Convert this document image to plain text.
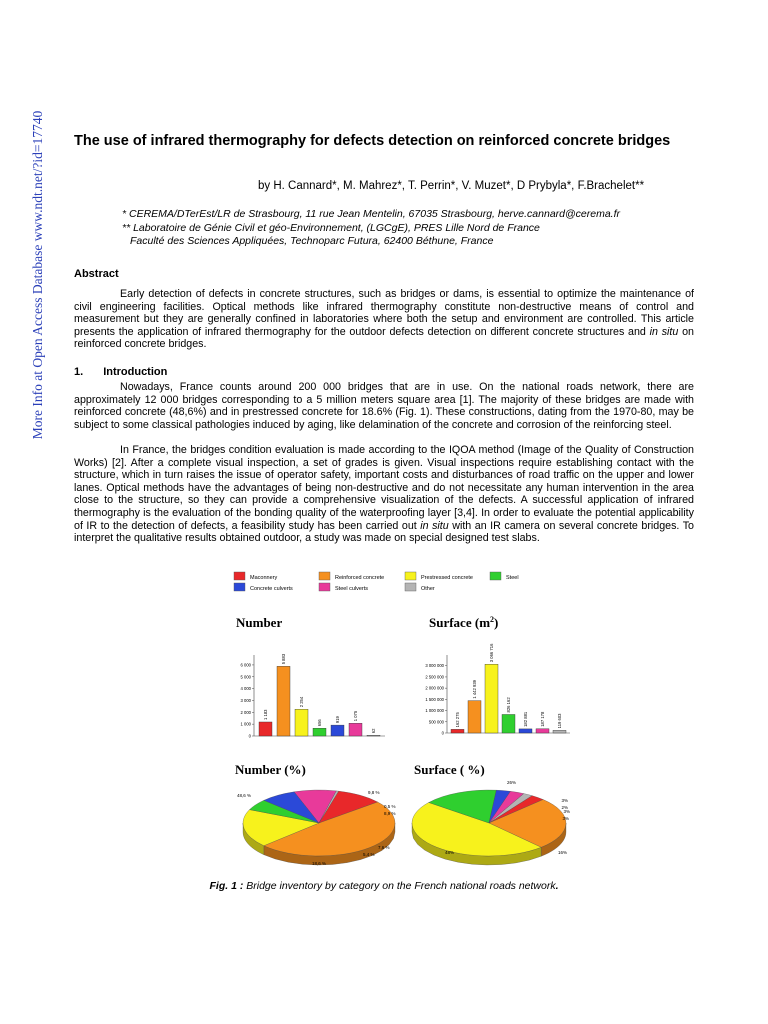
More Info at Open Access Database www.ndt.net/?id=17740 The use of infrared thermography for defects detection on reinforced concrete bridges
by H. Cannard*, M. Mahrez*, T. Perrin*, V. Muzet*, D Prybyla*, F.Brachelet**
* CEREMA/DTerEst/LR de Strasbourg, 11 rue Jean Mentelin, 67035 Strasbourg, herve.cannard@cerema.fr
** Laboratoire de Génie Civil et géo-Environnement, (LGCgE), PRES Lille Nord de France
Faculté des Sciences Appliquées, Technoparc Futura, 62400 Béthune, France
Abstract

Early detection of defects in concrete structures, such as bridges or dams, is essential to optimize the maintenance of civil engineering facilities. Optical methods like infrared thermography constitute non-destructive means of control and measurement but they are generally confined in laboratories where both the setup and environment are controlled. This article presents the application of infrared thermography for the outdoor defects detection on different concrete structures and in situ on reinforced concrete bridges.

1. Introduction

Nowadays, France counts around 200 000 bridges that are in use. On the national roads network, there are approximately 12 000 bridges corresponding to a 5 million meters square area [1]. The majority of these bridges are made with reinforced concrete (48,6%) and in prestressed concrete for 18.6% (Fig. 1). These constructions, dating from the 1970-80, may be subject to some classical pathologies induced by aging, like delamination of the concrete and corrosion of the reinforcing steel.

In France, the bridges condition evaluation is made according to the IQOA method (Image of the Quality of Construction Works) [2]. After a complete visual inspection, a set of grades is given. Visual inspections require establishing contact with the structure, which in turn raises the issue of operator safety, important costs and disturbances of road traffic on the upper and lower lanes. Optical methods have the advantages of being non-destructive and do not necessitate any human intervention in the area close to the structure, so they can provide a comprehensive visualization of the defects. A successful application of infrared thermography is the evaluation of the bonding quality of the waterproofing layer [3,4]. In order to evaluate the potential applicability of IR to the detection of defects, a feasibility study has been carried out in situ with an IR camera on several concrete bridges. To interpret the qualitative results obtained outdoor, a study was made on special designed test slabs.

Maconnery	Reinforced concrete	Prestressed concrete	Steel
Concrete culverts	Steel culverts	Other
Number
0
1 000
2 000
3 000
4 000
5 000
6 000
1 183
5 883
2 254
656	919	1 075
62
Surface $(m^2)$
0
500 000
1 000 000
1 500 000
2 000 000
2 500 000
3 000 000
162 275
1 442 939
3 066 716
826 162
182 881	187 178	119 603
Number (%)
9,8 %
48,6 %
18,6 %
5,4 %
7,6 %
8,9 %
0,5 %
Surface ( %)
3%
26%
48%	16%
3%
3%
2%
Fig. 1 : Bridge inventory by category on the French national roads network.
